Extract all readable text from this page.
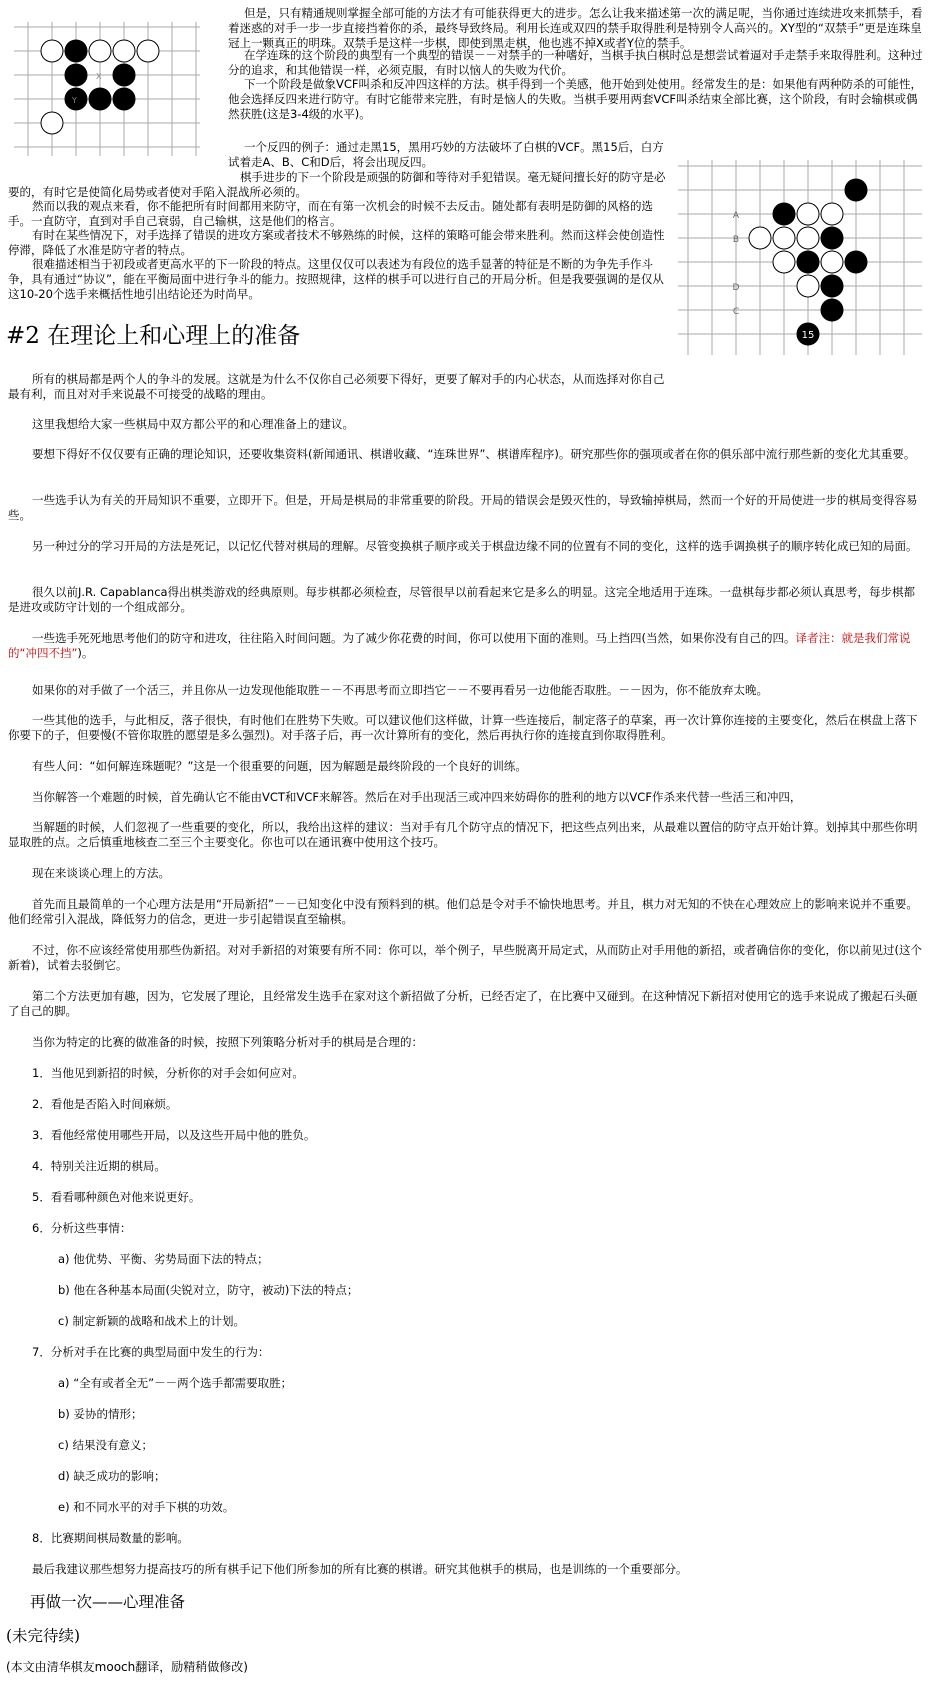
X
Y
15
A
B
D
C

但是，只有精通规则掌握全部可能的方法才有可能获得更大的进步。怎么让我来描述第一次的满足呢，当你通过连续进攻来抓禁手，看着迷惑的对手一步一步直接挡着你的杀，最终导致终局。利用长连或双四的禁手取得胜利是特别令人高兴的。XY型的“双禁手”更是连珠皇冠上一颗真正的明珠。双禁手是这样一步棋，即使到黑走棋，他也逃不掉X或者Y位的禁手。

在学连珠的这个阶段的典型有一个典型的错误－－对禁手的一种嗜好，当棋手执白棋时总是想尝试着逼对手走禁手来取得胜利。这种过分的追求，和其他错误一样，必须克服，有时以恼人的失败为代价。

下一个阶段是做象VCF叫杀和反冲四这样的方法。棋手得到一个美感，他开始到处使用。经常发生的是：如果他有两种防杀的可能性，他会选择反四来进行防守。有时它能带来完胜，有时是恼人的失败。当棋手要用两套VCF叫杀结束全部比赛，这个阶段，有时会输棋或偶然获胜(这是3-4级的水平)。

一个反四的例子：通过走黑15，黑用巧妙的方法破坏了白棋的VCF。黑15后，白方试着走A、B、C和D后，将会出现反四。

棋手进步的下一个阶段是顽强的防御和等待对手犯错误。毫无疑问擅长好的防守是必要的，有时它是使简化局势或者使对手陷入混战所必须的。

然而以我的观点来看，你不能把所有时间都用来防守，而在有第一次机会的时候不去反击。随处都有表明是防御的风格的选手。一直防守，直到对手自己衰弱，自己输棋，这是他们的格言。

有时在某些情况下，对手选择了错误的进攻方案或者技术不够熟练的时候，这样的策略可能会带来胜利。然而这样会使创造性停滞，降低了水准是防守者的特点。

很难描述相当于初段或者更高水平的下一阶段的特点。这里仅仅可以表述为有段位的选手显著的特征是不断的为争先手作斗争，具有通过“协议”，能在平衡局面中进行争斗的能力。按照规律，这样的棋手可以进行自己的开局分析。但是我要强调的是仅从这10-20个选手来概括性地引出结论还为时尚早。

#2 在理论上和心理上的准备

所有的棋局都是两个人的争斗的发展。这就是为什么不仅你自己必须要下得好，更要了解对手的内心状态，从而选择对你自己最有利，而且对对手来说最不可接受的战略的理由。

这里我想给大家一些棋局中双方都公平的和心理准备上的建议。

要想下得好不仅仅要有正确的理论知识，还要收集资料(新闻通讯、棋谱收藏、“连珠世界”、棋谱库程序)。研究那些你的强项或者在你的俱乐部中流行那些新的变化尤其重要。

一些选手认为有关的开局知识不重要，立即开下。但是，开局是棋局的非常重要的阶段。开局的错误会是毁灭性的，导致输掉棋局，然而一个好的开局使进一步的棋局变得容易些。

另一种过分的学习开局的方法是死记，以记忆代替对棋局的理解。尽管变换棋子顺序或关于棋盘边缘不同的位置有不同的变化，这样的选手调换棋子的顺序转化成已知的局面。

很久以前J.R. Capablanca得出棋类游戏的经典原则。每步棋都必须检查，尽管很早以前看起来它是多么的明显。这完全地适用于连珠。一盘棋每步都必须认真思考，每步棋都是进攻或防守计划的一个组成部分。

一些选手死死地思考他们的防守和进攻，往往陷入时间问题。为了减少你花费的时间，你可以使用下面的准则。马上挡四(当然，如果你没有自己的四。译者注：就是我们常说的“冲四不挡”)。

如果你的对手做了一个活三，并且你从一边发现他能取胜－－不再思考而立即挡它－－不要再看另一边他能否取胜。－－因为，你不能放弃太晚。

一些其他的选手，与此相反，落子很快，有时他们在胜势下失败。可以建议他们这样做，计算一些连接后，制定落子的草案，再一次计算你连接的主要变化，然后在棋盘上落下你要下的子，但要慢(不管你取胜的愿望是多么强烈)。对手落子后，再一次计算所有的变化，然后再执行你的连接直到你取得胜利。

有些人问：“如何解连珠题呢？”这是一个很重要的问题，因为解题是最终阶段的一个良好的训练。

当你解答一个难题的时候，首先确认它不能由VCT和VCF来解答。然后在对手出现活三或冲四来妨碍你的胜利的地方以VCF作杀来代替一些活三和冲四，

当解题的时候，人们忽视了一些重要的变化，所以，我给出这样的建议：当对手有几个防守点的情况下，把这些点列出来，从最难以置信的防守点开始计算。划掉其中那些你明显取胜的点。之后慎重地核查二至三个主要变化。你也可以在通讯赛中使用这个技巧。

现在来谈谈心理上的方法。

首先而且最简单的一个心理方法是用“开局新招”－－已知变化中没有预料到的棋。他们总是令对手不愉快地思考。并且，棋力对无知的不快在心理效应上的影响来说并不重要。他们经常引入混战，降低努力的信念，更进一步引起错误直至输棋。

不过，你不应该经常使用那些伪新招。对对手新招的对策要有所不同：你可以，举个例子，早些脱离开局定式，从而防止对手用他的新招，或者确信你的变化，你以前见过(这个新着)，试着去驳倒它。

第二个方法更加有趣，因为，它发展了理论，且经常发生选手在家对这个新招做了分析，已经否定了，在比赛中又碰到。在这种情况下新招对使用它的选手来说成了搬起石头砸了自己的脚。

当你为特定的比赛的做准备的时候，按照下列策略分析对手的棋局是合理的：

1．当他见到新招的时候，分析你的对手会如何应对。

2．看他是否陷入时间麻烦。

3．看他经常使用哪些开局，以及这些开局中他的胜负。

4．特别关注近期的棋局。

5．看看哪种颜色对他来说更好。

6．分析这些事情：

a) 他优势、平衡、劣势局面下法的特点；

b) 他在各种基本局面(尖锐对立，防守，被动)下法的特点；

c) 制定新颖的战略和战术上的计划。

7．分析对手在比赛的典型局面中发生的行为：

a) “全有或者全无”－－两个选手都需要取胜；

b) 妥协的情形；

c) 结果没有意义；

d) 缺乏成功的影响；

e) 和不同水平的对手下棋的功效。

8．比赛期间棋局数量的影响。

最后我建议那些想努力提高技巧的所有棋手记下他们所参加的所有比赛的棋谱。研究其他棋手的棋局，也是训练的一个重要部分。

再做一次——心理准备

(未完待续)

(本文由清华棋友mooch翻译，励精稍做修改)
